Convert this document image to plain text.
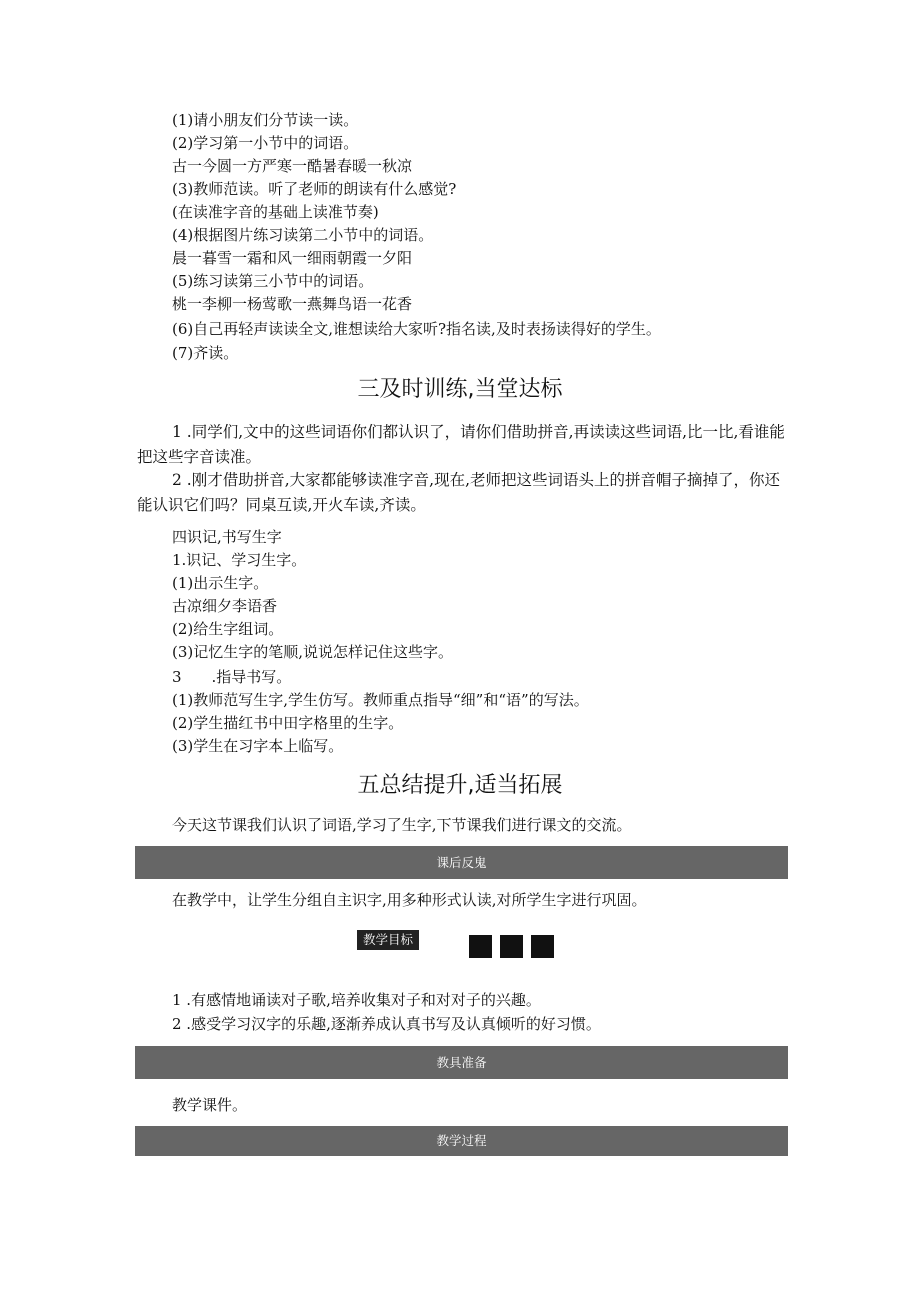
(1)请小朋友们分节读一读。
(2)学习第一小节中的词语。
古一今圆一方严寒一酷暑春暖一秋凉
(3)教师范读。听了老师的朗读有什么感觉?
(在读准字音的基础上读准节奏)
(4)根据图片练习读第二小节中的词语。
晨一暮雪一霜和风一细雨朝霞一夕阳
(5)练习读第三小节中的词语。
桃一李柳一杨莺歌一燕舞鸟语一花香
(6)自己再轻声读读全文,谁想读给大家听?指名读,及时表扬读得好的学生。
(7)齐读。
三及时训练,当堂达标

1 .同学们,文中的这些词语你们都认识了，请你们借助拼音,再读读这些词语,比一比,看谁能把这些字音读准。

2 .刚才借助拼音,大家都能够读准字音,现在,老师把这些词语头上的拼音帽子摘掉了，你还能认识它们吗？同桌互读,开火车读,齐读。

四识记,书写生字
1.识记、学习生字。
(1)出示生字。
古凉细夕李语香
(2)给生字组词。
(3)记忆生字的笔顺,说说怎样记住这些字。
3　　.指导书写。
(1)教师范写生字,学生仿写。教师重点指导“细”和“语”的写法。
(2)学生描红书中田字格里的生字。
(3)学生在习字本上临写。
五总结提升,适当拓展
今天这节课我们认识了词语,学习了生字,下节课我们进行课文的交流。
课后反鬼
在教学中，让学生分组自主识字,用多种形式认读,对所学生字进行巩固。
教学目标
1 .有感情地诵读对子歌,培养收集对子和对对子的兴趣。
2 .感受学习汉字的乐趣,逐渐养成认真书写及认真倾听的好习惯。
教具准备
教学课件。
教学过程
